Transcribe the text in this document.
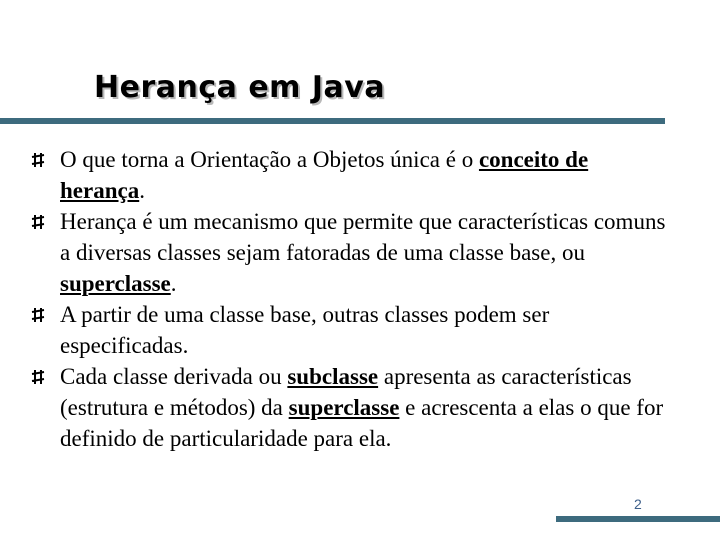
Herança em Java
O que torna a Orientação a Objetos única é o conceito de herança.
Herança é um mecanismo que permite que características comuns a diversas classes sejam fatoradas de uma classe base, ou superclasse.
A partir de uma classe base, outras classes podem ser especificadas.
Cada classe derivada ou subclasse apresenta as características (estrutura e métodos) da superclasse e acrescenta a elas o que for definido de particularidade para ela.
2
